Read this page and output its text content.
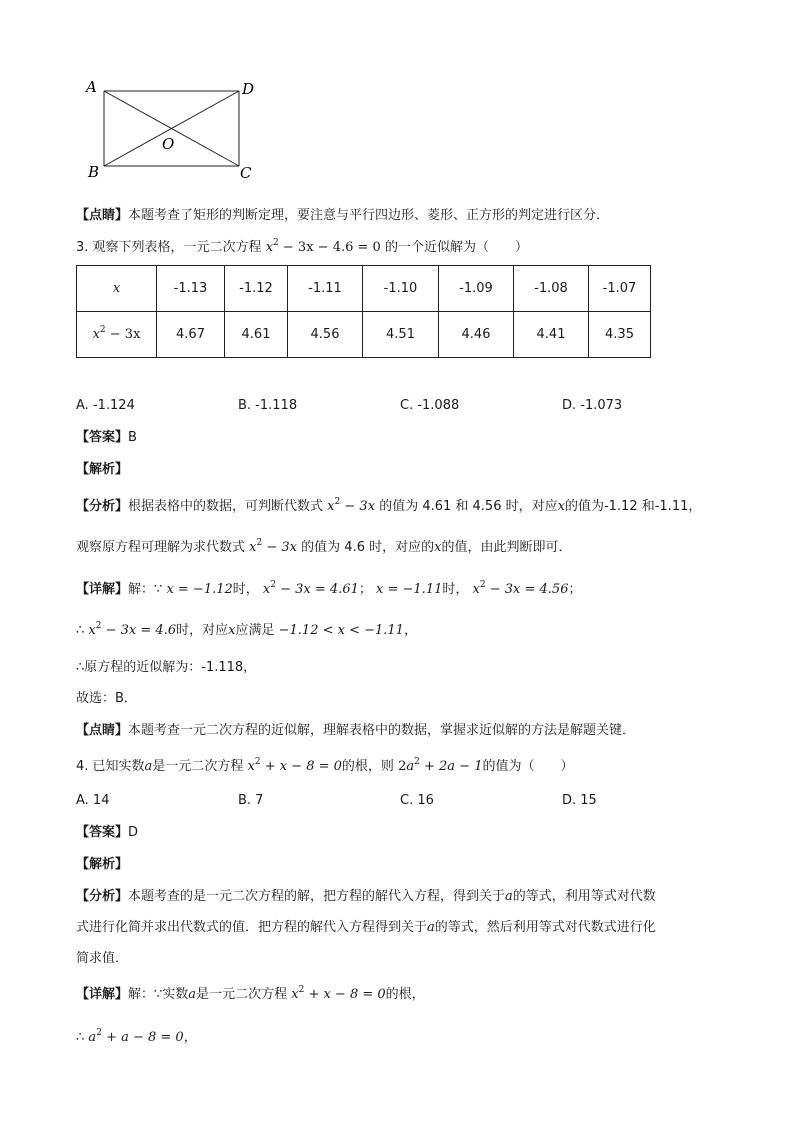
A	D
B	C
O
【点睛】本题考查了矩形的判断定理，要注意与平行四边形、菱形、正方形的判定进行区分．
3. 观察下列表格，一元二次方程 $x^2 - 3x - 4.6 = 0$ 的一个近似解为（　　）
x	-1.13	-1.12	-1.11	-1.10	-1.09	-1.08	-1.07
$x^2 - 3x$	4.67	4.61	4.56	4.51	4.46	4.41	4.35
A. -1.124	B. -1.118	C. -1.088	D. -1.073
【答案】B
【解析】
【分析】根据表格中的数据，可判断代数式 $x^2 - 3x$ 的值为 4.61 和 4.56 时，对应x的值为-1.12 和-1.11，
观察原方程可理解为求代数式 $x^2 - 3x$ 的值为 4.6 时，对应的x的值，由此判断即可．
【详解】解：∵ x = −1.12时， $x^2 - 3x = 4.61$； x = −1.11时， $x^2 - 3x = 4.56$；
∴ $x^2 - 3x = 4.6$时，对应x应满足 −1.12 < x < −1.11，
∴原方程的近似解为：-1.118，
故选：B．
【点睛】本题考查一元二次方程的近似解，理解表格中的数据，掌握求近似解的方法是解题关键．
4. 已知实数a是一元二次方程 $x^2 + x - 8 = 0$的根，则 $2a^2 + 2a - 1$的值为（　　）
A. 14	B. 7	C. 16	D. 15
【答案】D
【解析】
【分析】本题考查的是一元二次方程的解，把方程的解代入方程，得到关于a的等式，利用等式对代数
式进行化简并求出代数式的值．把方程的解代入方程得到关于a的等式，然后利用等式对代数式进行化
简求值．
【详解】解：∵实数a是一元二次方程 $x^2 + x - 8 = 0$的根，
∴ $a^2 + a - 8 = 0$，
